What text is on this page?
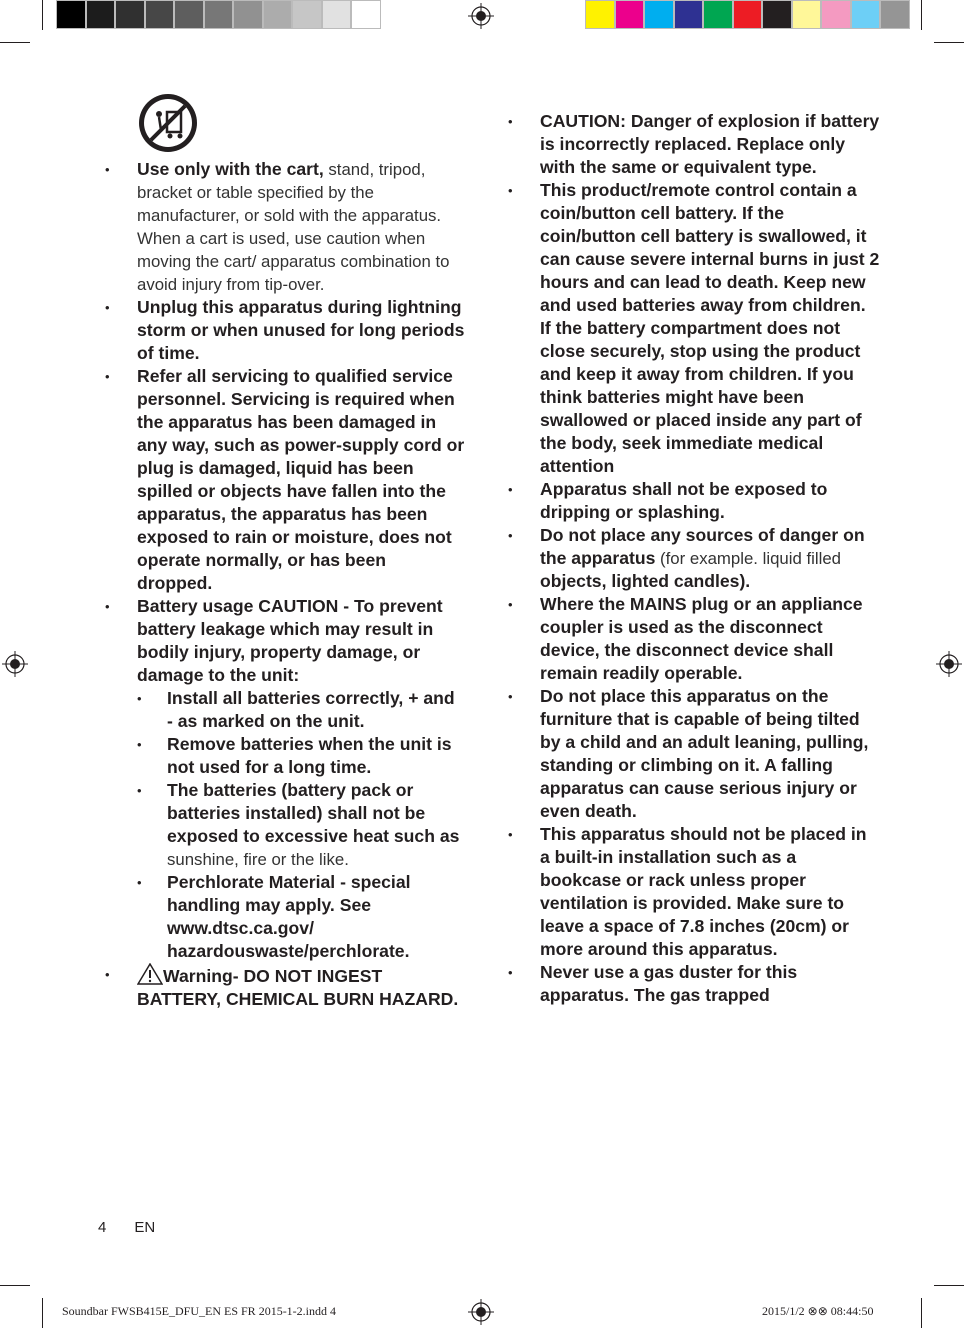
• Use only with the cart, stand, tripod, bracket or table specified by the manufacturer, or sold with the apparatus. When a cart is used, use caution when moving the cart/ apparatus combination to avoid injury from tip-over.
• Unplug this apparatus during lightning storm or when unused for long periods of time.
• Refer all servicing to qualified service personnel. Servicing is required when the apparatus has been damaged in any way, such as power-supply cord or plug is damaged, liquid has been spilled or objects have fallen into the apparatus, the apparatus has been exposed to rain or moisture, does not operate normally, or has been dropped.
• Battery usage CAUTION - To prevent battery leakage which may result in bodily injury, property damage, or damage to the unit:
• Install all batteries correctly, + and - as marked on the unit.
• Remove batteries when the unit is not used for a long time.
• The batteries (battery pack or batteries installed) shall not be exposed to excessive heat such as sunshine, fire or the like.
• Perchlorate Material - special handling may apply. See www.dtsc.ca.gov/ hazardouswaste/perchlorate.
• Warning- DO NOT INGEST BATTERY, CHEMICAL BURN HAZARD.
• CAUTION: Danger of explosion if battery is incorrectly replaced. Replace only with the same or equivalent type.
• This product/remote control contain a coin/button cell battery. If the coin/button cell battery is swallowed, it can cause severe internal burns in just 2 hours and can lead to death. Keep new and used batteries away from children. If the battery compartment does not close securely, stop using the product and keep it away from children. If you think batteries might have been swallowed or placed inside any part of the body, seek immediate medical attention
• Apparatus shall not be exposed to dripping or splashing.
• Do not place any sources of danger on the apparatus (for example. liquid filled objects, lighted candles).
• Where the MAINS plug or an appliance coupler is used as the disconnect device, the disconnect device shall remain readily operable.
• Do not place this apparatus on the furniture that is capable of being tilted by a child and an adult leaning, pulling, standing or climbing on it. A falling apparatus can cause serious injury or even death.
• This apparatus should not be placed in a built-in installation such as a bookcase or rack unless proper ventilation is provided. Make sure to leave a space of 7.8 inches (20cm) or more around this apparatus.
• Never use a gas duster for this apparatus. The gas trapped
4 EN
Soundbar FWSB415E_DFU_EN ES FR 2015-1-2.indd 4	2015/1/2 ⊗⊗ 08:44:50
